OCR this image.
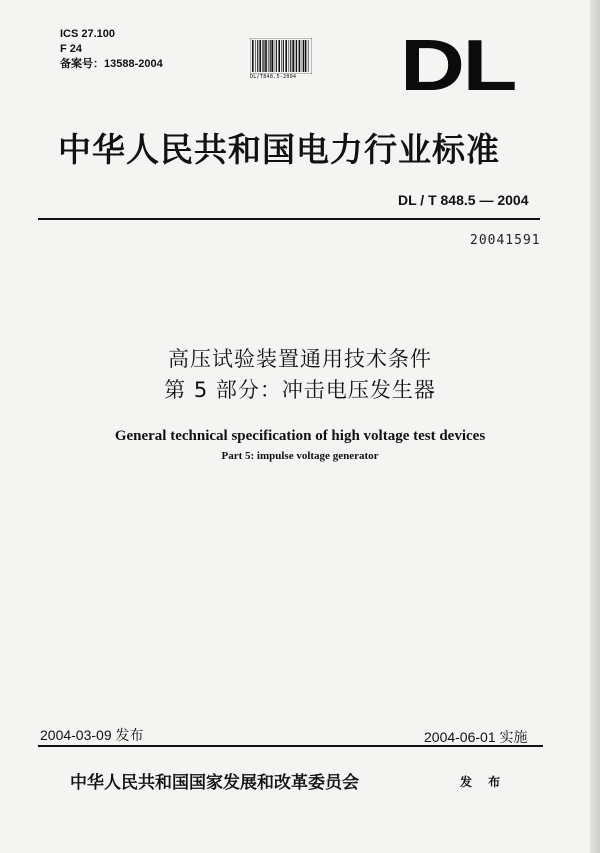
ICS 27.100
F 24
备案号：13588-2004
DL/T848.5-2004 DL
中华人民共和国电力行业标准
DL / T 848.5 — 2004
20041591
高压试验装置通用技术条件
第 5 部分：冲击电压发生器
General technical specification of high voltage test devices
Part 5: impulse voltage generator
2004-03-09 发布	2004-06-01 实施
中华人民共和国国家发展和改革委员会	发 布
